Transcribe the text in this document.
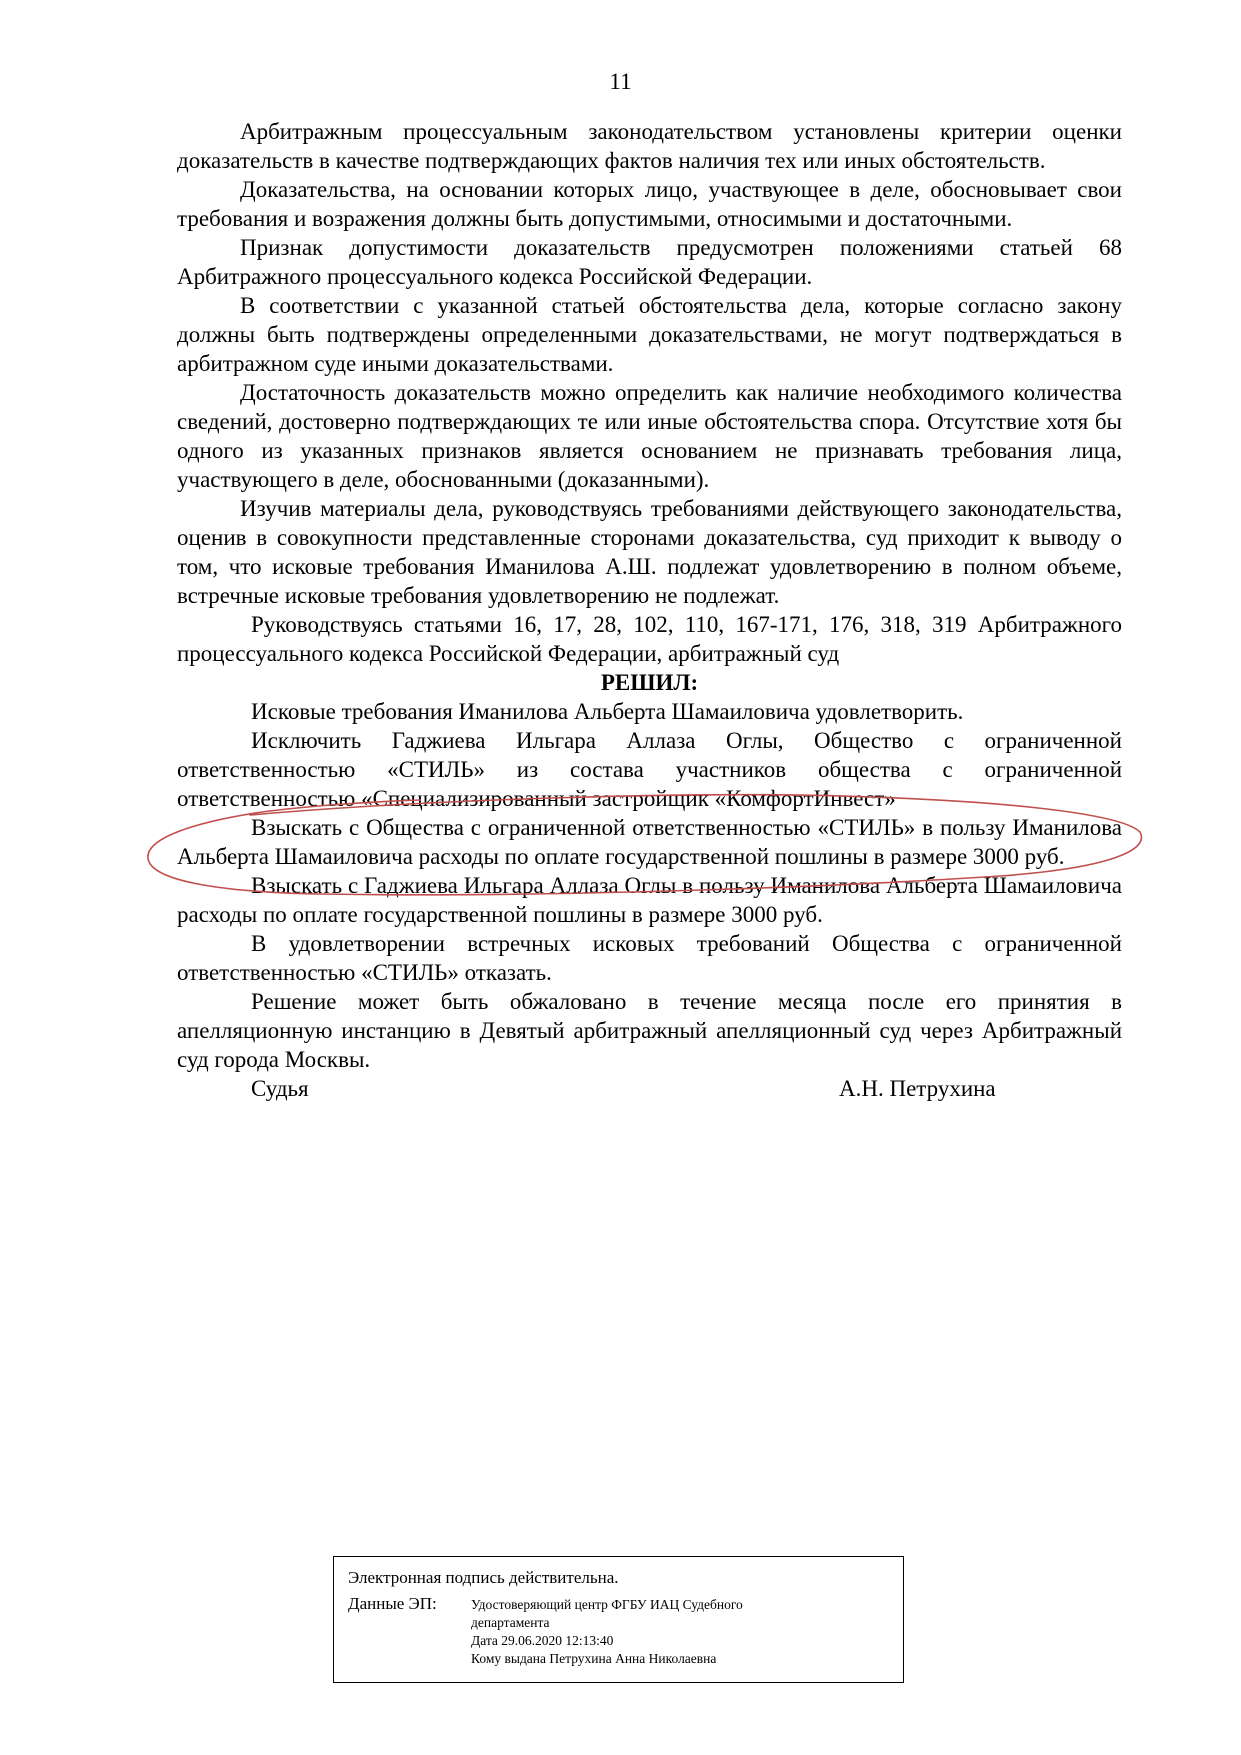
11

Арбитражным процессуальным законодательством установлены критерии оценки доказательств в качестве подтверждающих фактов наличия тех или иных обстоятельств.

Доказательства, на основании которых лицо, участвующее в деле, обосновывает свои требования и возражения должны быть допустимыми, относимыми и достаточными.

Признак допустимости доказательств предусмотрен положениями статьей 68 Арбитражного процессуального кодекса Российской Федерации.

В соответствии с указанной статьей обстоятельства дела, которые согласно закону должны быть подтверждены определенными доказательствами, не могут подтверждаться в арбитражном суде иными доказательствами.

Достаточность доказательств можно определить как наличие необходимого количества сведений, достоверно подтверждающих те или иные обстоятельства спора. Отсутствие хотя бы одного из указанных признаков является основанием не признавать требования лица, участвующего в деле, обоснованными (доказанными).

Изучив материалы дела, руководствуясь требованиями действующего законодательства, оценив в совокупности представленные сторонами доказательства, суд приходит к выводу о том, что исковые требования Иманилова А.Ш. подлежат удовлетворению в полном объеме, встречные исковые требования удовлетворению не подлежат.

Руководствуясь статьями 16, 17, 28, 102, 110, 167-171, 176, 318, 319 Арбитражного процессуального кодекса Российской Федерации, арбитражный суд

РЕШИЛ:

Исковые требования Иманилова Альберта Шамаиловича удовлетворить.

Исключить Гаджиева Ильгара Аллаза Оглы, Общество с ограниченной ответственностью «СТИЛЬ» из состава участников общества с ограниченной ответственностью «Специализированный застройщик «КомфортИнвест»

Взыскать с Общества с ограниченной ответственностью «СТИЛЬ» в пользу Иманилова Альберта Шамаиловича расходы по оплате государственной пошлины в размере 3000 руб.

Взыскать с Гаджиева Ильгара Аллаза Оглы в пользу Иманилова Альберта Шамаиловича расходы по оплате государственной пошлины в размере 3000 руб.

В удовлетворении встречных исковых требований Общества с ограниченной ответственностью «СТИЛЬ» отказать.

Решение может быть обжаловано в течение месяца после его принятия в апелляционную инстанцию в Девятый арбитражный апелляционный суд через Арбитражный суд города Москвы.

Судья	А.Н. Петрухина
Электронная подпись действительна.
Данные ЭП:	Удостоверяющий центр ФГБУ ИАЦ Судебного
департамента
Дата 29.06.2020 12:13:40
Кому выдана Петрухина Анна Николаевна
